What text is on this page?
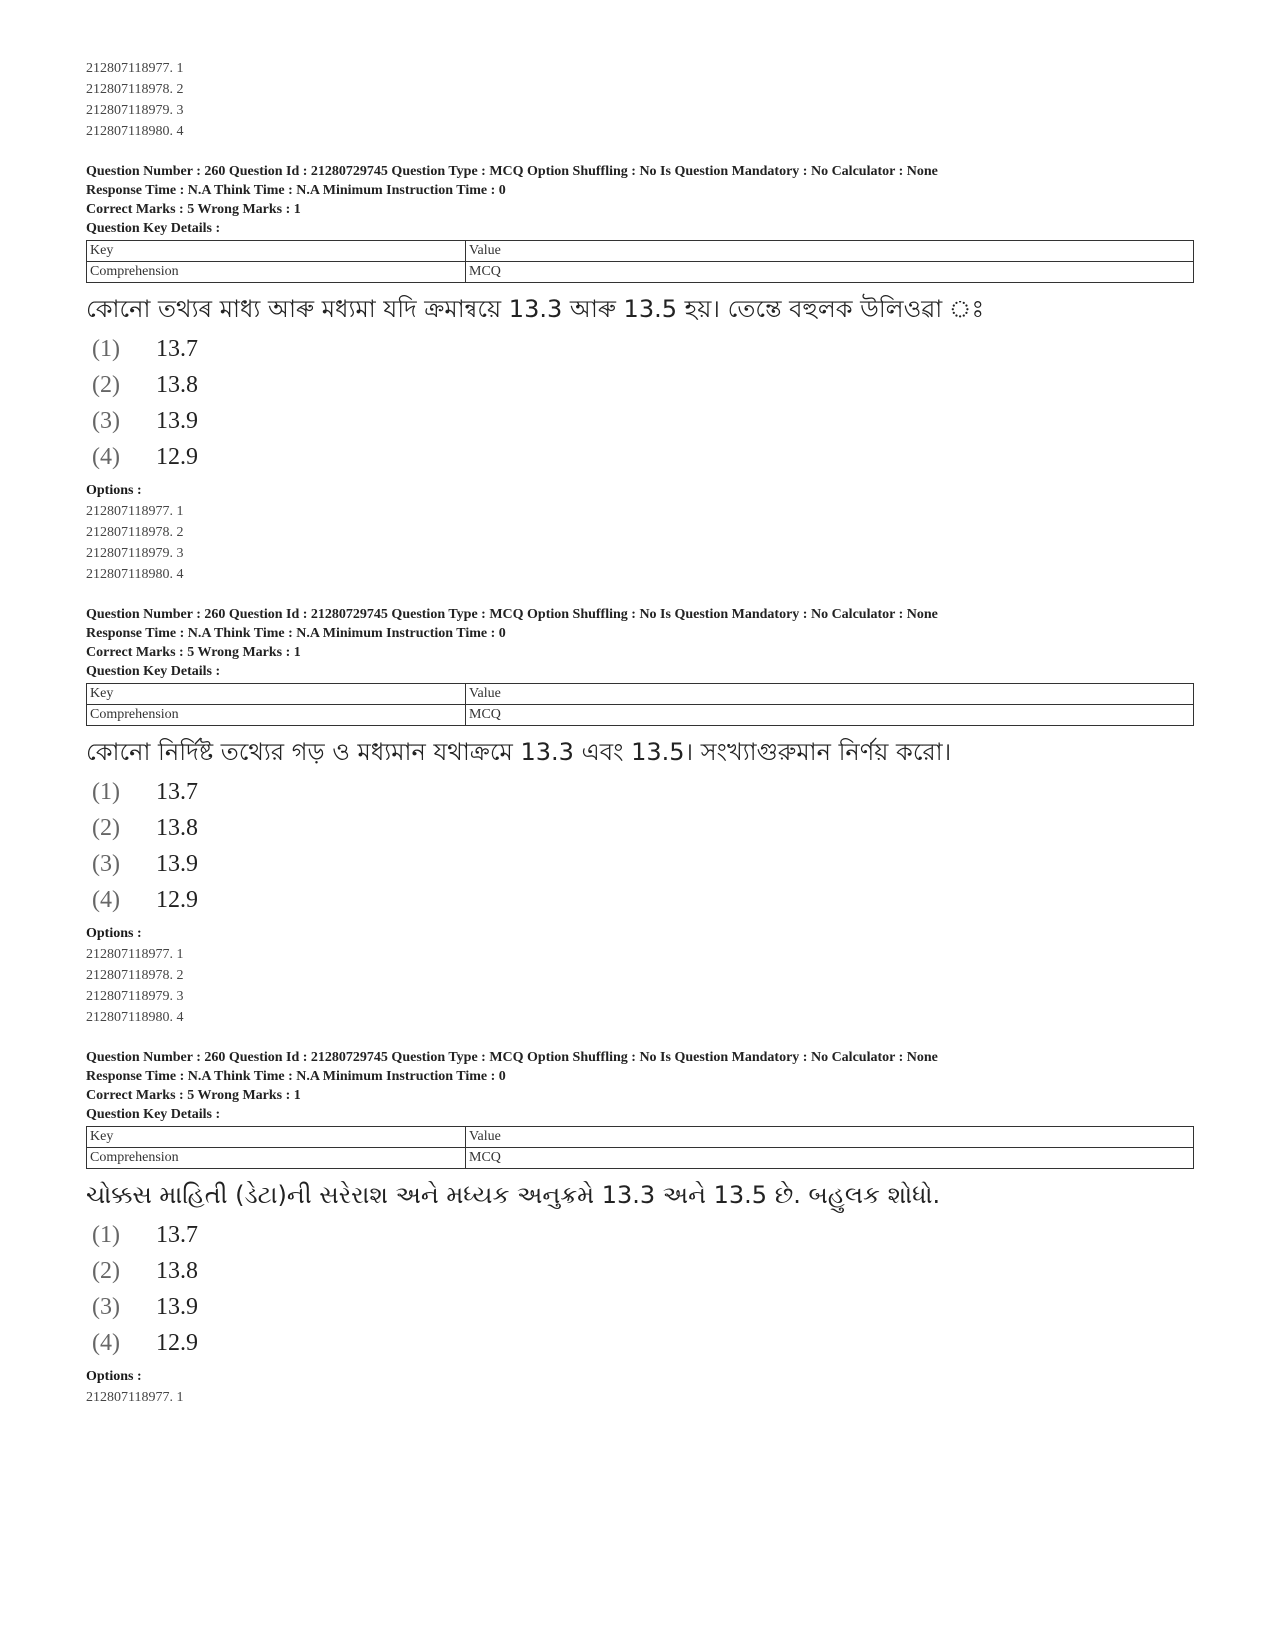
212807118977. 1
212807118978. 2
212807118979. 3
212807118980. 4
Question Number : 260 Question Id : 21280729745 Question Type : MCQ Option Shuffling : No Is Question Mandatory : No Calculator : None
Response Time : N.A Think Time : N.A Minimum Instruction Time : 0
Correct Marks : 5 Wrong Marks : 1
Question Key Details :
Key	Value
Comprehension	MCQ
কোনো তথ্যৰ মাধ্য আৰু মধ্যমা যদি ক্ৰমান্বয়ে 13.3 আৰু 13.5 হয়। তেন্তে বহুলক উলিওৱা ঃ
(1)	13.7
(2)	13.8
(3)	13.9
(4)	12.9
Options :
212807118977. 1
212807118978. 2
212807118979. 3
212807118980. 4
Question Number : 260 Question Id : 21280729745 Question Type : MCQ Option Shuffling : No Is Question Mandatory : No Calculator : None
Response Time : N.A Think Time : N.A Minimum Instruction Time : 0
Correct Marks : 5 Wrong Marks : 1
Question Key Details :
Key	Value
Comprehension	MCQ
কোনো নির্দিষ্ট তথ্যের গড় ও মধ্যমান যথাক্রমে 13.3 এবং 13.5। সংখ্যাগুরুমান নির্ণয় করো।
(1)	13.7
(2)	13.8
(3)	13.9
(4)	12.9
Options :
212807118977. 1
212807118978. 2
212807118979. 3
212807118980. 4
Question Number : 260 Question Id : 21280729745 Question Type : MCQ Option Shuffling : No Is Question Mandatory : No Calculator : None
Response Time : N.A Think Time : N.A Minimum Instruction Time : 0
Correct Marks : 5 Wrong Marks : 1
Question Key Details :
Key	Value
Comprehension	MCQ
ચોક્કસ માહિતી (ડેટા)ની સરેરાશ અને મધ્યક અનુક્રમે 13.3 અને 13.5 છે. બહુલક શોધો.
(1)	13.7
(2)	13.8
(3)	13.9
(4)	12.9
Options :
212807118977. 1
